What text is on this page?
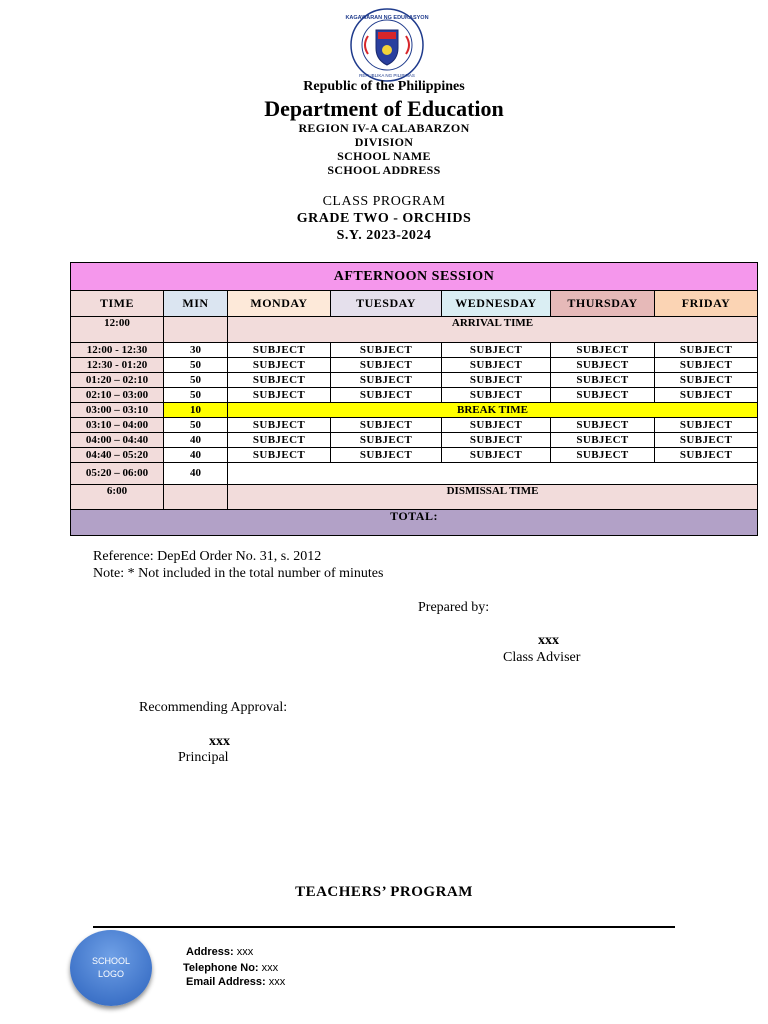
KAGAWARAN NG EDUKASYON
REPUBLIKA NG PILIPINAS
Republic of the Philippines
Department of Education
REGION IV-A CALABARZON
DIVISION
SCHOOL NAME
SCHOOL ADDRESS
CLASS PROGRAM
GRADE TWO - ORCHIDS
S.Y. 2023-2024
AFTERNOON SESSION						
TIME	MIN	MONDAY	TUESDAY	WEDNESDAY	THURSDAY	FRIDAY
12:00		ARRIVAL TIME				
12:00 - 12:30	30	SUBJECT	SUBJECT	SUBJECT	SUBJECT	SUBJECT
12:30 - 01:20	50	SUBJECT	SUBJECT	SUBJECT	SUBJECT	SUBJECT
01:20 – 02:10	50	SUBJECT	SUBJECT	SUBJECT	SUBJECT	SUBJECT
02:10 – 03:00	50	SUBJECT	SUBJECT	SUBJECT	SUBJECT	SUBJECT
03:00 – 03:10	10	BREAK TIME				
03:10 – 04:00	50	SUBJECT	SUBJECT	SUBJECT	SUBJECT	SUBJECT
04:00 – 04:40	40	SUBJECT	SUBJECT	SUBJECT	SUBJECT	SUBJECT
04:40 – 05:20	40	SUBJECT	SUBJECT	SUBJECT	SUBJECT	SUBJECT
05:20 – 06:00	40					
6:00		DISMISSAL TIME				
TOTAL:						
Reference: DepEd Order No. 31, s. 2012
Note: * Not included in the total number of minutes
Prepared by:
xxx
Class Adviser
Recommending Approval:
xxx
Principal
TEACHERS’ PROGRAM
SCHOOL
LOGO
Address: xxx
Telephone No: xxx
Email Address: xxx
